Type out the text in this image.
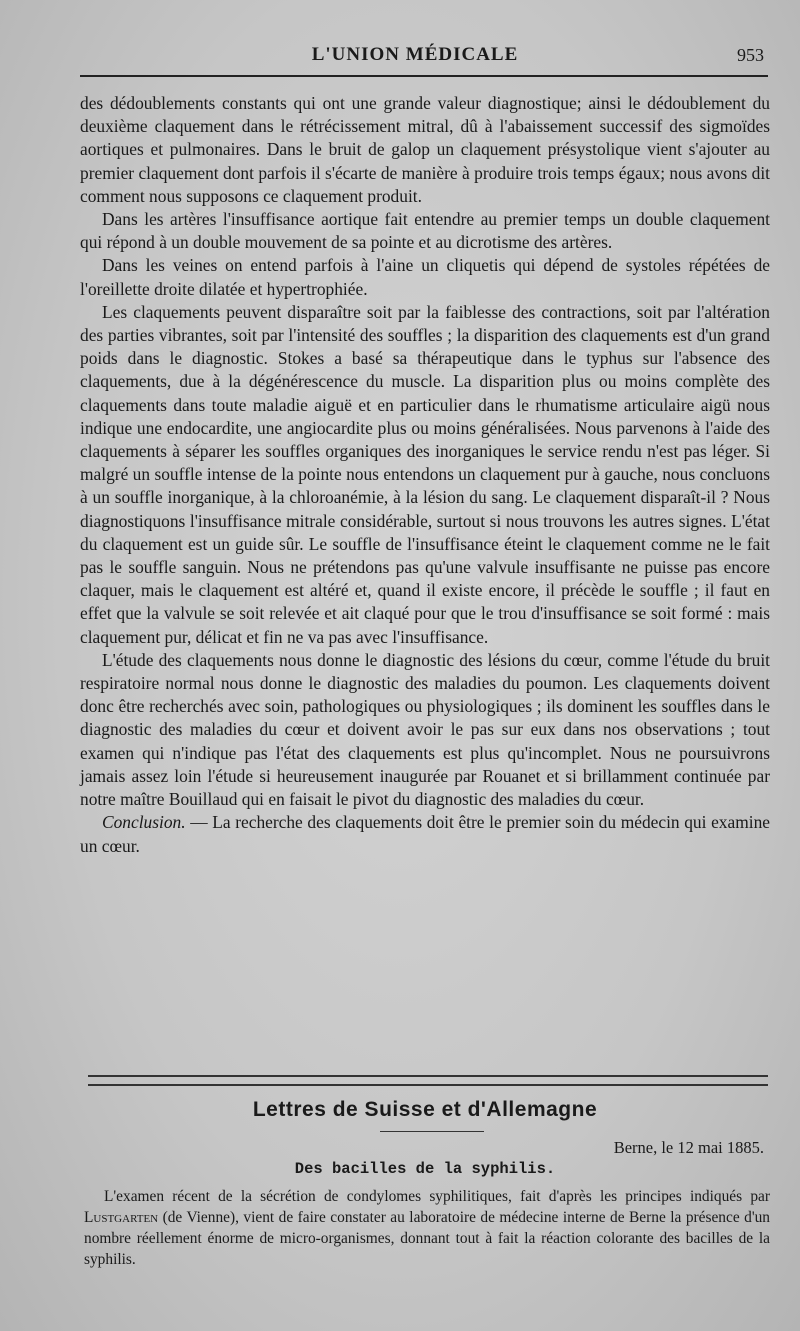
L'UNION MÉDICALE	953

des dédoublements constants qui ont une grande valeur diagnostique; ainsi le dédoublement du deuxième claquement dans le rétrécissement mitral, dû à l'abaissement successif des sigmoïdes aortiques et pulmonaires. Dans le bruit de galop un claquement présystolique vient s'ajouter au premier claquement dont parfois il s'écarte de manière à produire trois temps égaux; nous avons dit comment nous supposons ce claquement produit.

Dans les artères l'insuffisance aortique fait entendre au premier temps un double claquement qui répond à un double mouvement de sa pointe et au dicrotisme des artères.

Dans les veines on entend parfois à l'aine un cliquetis qui dépend de systoles répétées de l'oreillette droite dilatée et hypertrophiée.

Les claquements peuvent disparaître soit par la faiblesse des contractions, soit par l'altération des parties vibrantes, soit par l'intensité des souffles ; la disparition des claquements est d'un grand poids dans le diagnostic. Stokes a basé sa thérapeutique dans le typhus sur l'absence des claquements, due à la dégénérescence du muscle. La disparition plus ou moins complète des claquements dans toute maladie aiguë et en particulier dans le rhumatisme articulaire aigü nous indique une endocardite, une angiocardite plus ou moins généralisées. Nous parvenons à l'aide des claquements à séparer les souffles organiques des inorganiques le service rendu n'est pas léger. Si malgré un souffle intense de la pointe nous entendons un claquement pur à gauche, nous concluons à un souffle inorganique, à la chloroanémie, à la lésion du sang. Le claquement disparaît-il ? Nous diagnostiquons l'insuffisance mitrale considérable, surtout si nous trouvons les autres signes. L'état du claquement est un guide sûr. Le souffle de l'insuffisance éteint le claquement comme ne le fait pas le souffle sanguin. Nous ne prétendons pas qu'une valvule insuffisante ne puisse pas encore claquer, mais le claquement est altéré et, quand il existe encore, il précède le souffle ; il faut en effet que la valvule se soit relevée et ait claqué pour que le trou d'insuffisance se soit formé : mais claquement pur, délicat et fin ne va pas avec l'insuffisance.

L'étude des claquements nous donne le diagnostic des lésions du cœur, comme l'étude du bruit respiratoire normal nous donne le diagnostic des maladies du poumon. Les claquements doivent donc être recherchés avec soin, pathologiques ou physiologiques ; ils dominent les souffles dans le diagnostic des maladies du cœur et doivent avoir le pas sur eux dans nos observations ; tout examen qui n'indique pas l'état des claquements est plus qu'incomplet. Nous ne poursuivrons jamais assez loin l'étude si heureusement inaugurée par Rouanet et si brillamment continuée par notre maître Bouillaud qui en faisait le pivot du diagnostic des maladies du cœur.

Conclusion. — La recherche des claquements doit être le premier soin du médecin qui examine un cœur.

Lettres de Suisse et d'Allemagne
Berne, le 12 mai 1885.
Des bacilles de la syphilis.

L'examen récent de la sécrétion de condylomes syphilitiques, fait d'après les principes indiqués par Lustgarten (de Vienne), vient de faire constater au laboratoire de médecine interne de Berne la présence d'un nombre réellement énorme de micro-organismes, donnant tout à fait la réaction colorante des bacilles de la syphilis.
